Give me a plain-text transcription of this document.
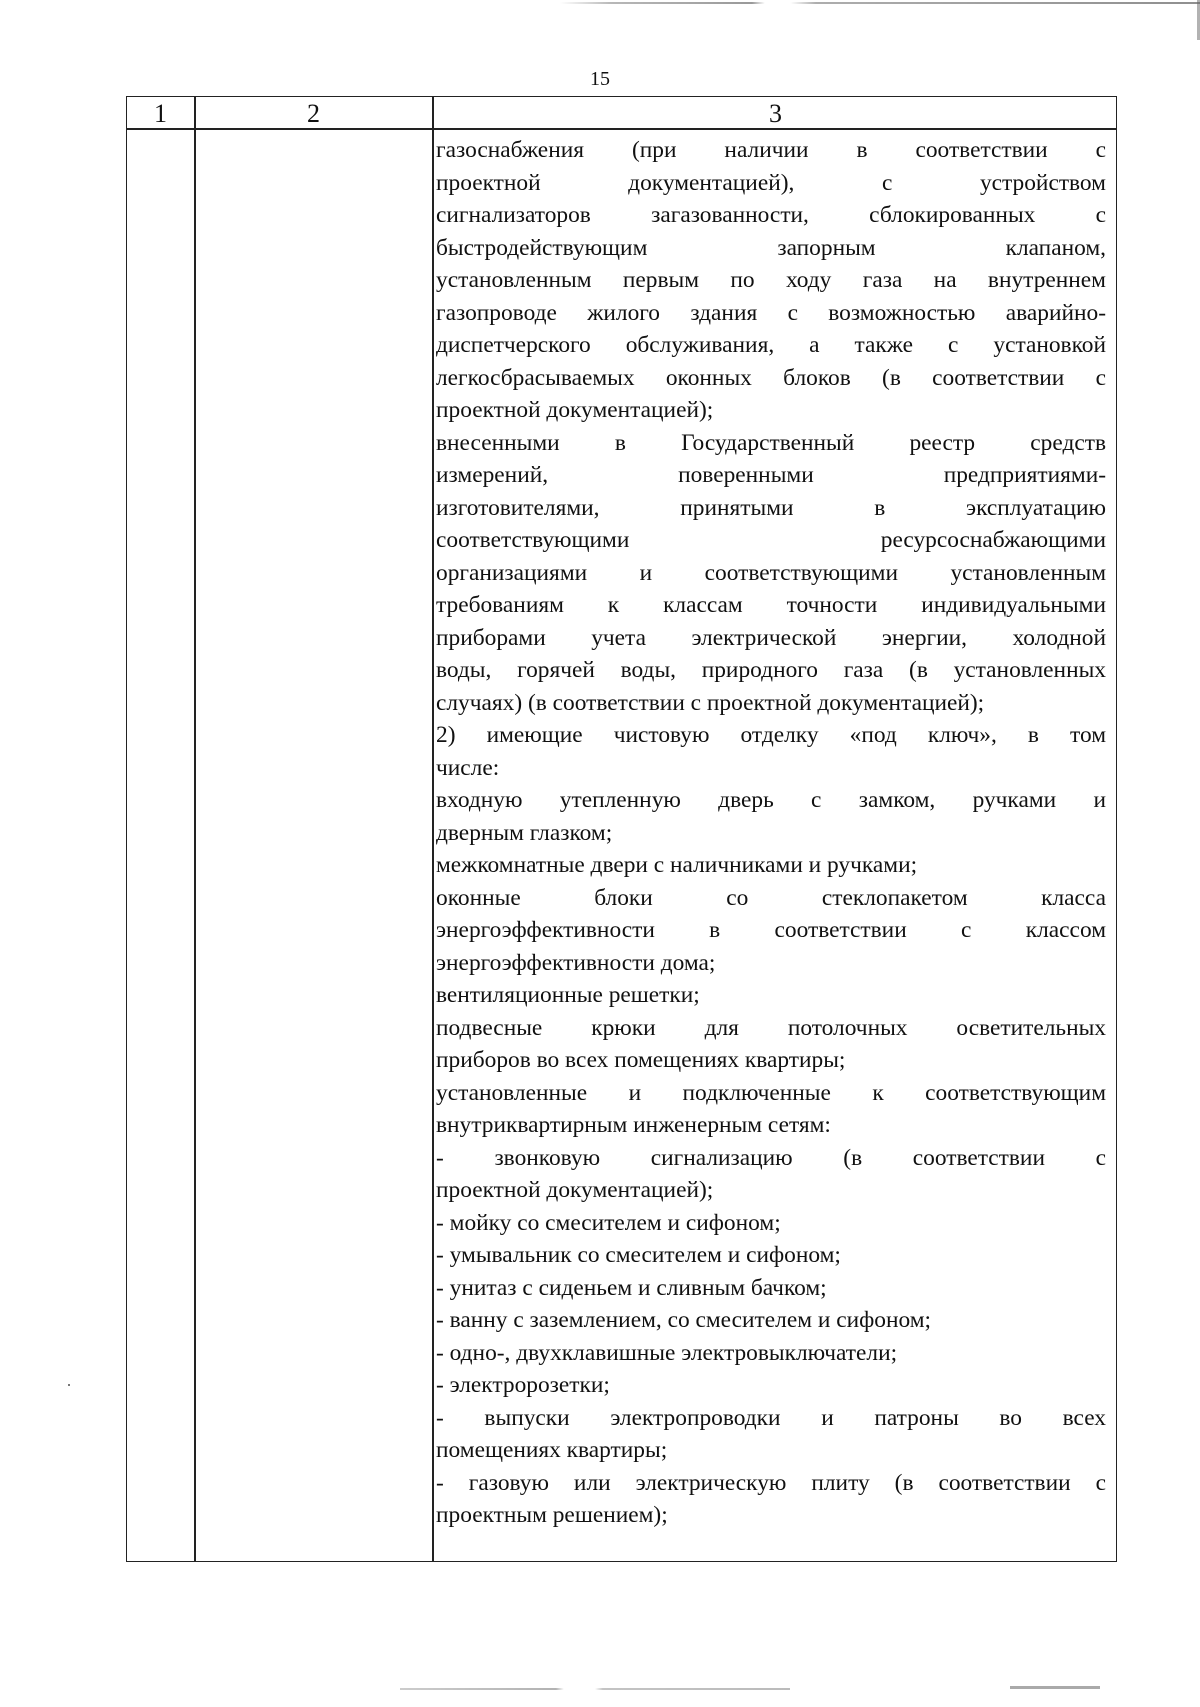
15
1	2	3
газоснабжения (при наличии в соответствии с
проектной документацией), с устройством
сигнализаторов загазованности, сблокированных с
быстродействующим запорным клапаном,
установленным первым по ходу газа на внутреннем
газопроводе жилого здания с возможностью аварийно-
диспетчерского обслуживания, а также с установкой
легкосбрасываемых оконных блоков (в соответствии с
проектной документацией);
внесенными в Государственный реестр средств
измерений, поверенными предприятиями-
изготовителями, принятыми в эксплуатацию
соответствующими ресурсоснабжающими
организациями и соответствующими установленным
требованиям к классам точности индивидуальными
приборами учета электрической энергии, холодной
воды, горячей воды, природного газа (в установленных
случаях) (в соответствии с проектной документацией);
2) имеющие чистовую отделку «под ключ», в том
числе:
входную утепленную дверь с замком, ручками и
дверным глазком;
межкомнатные двери с наличниками и ручками;
оконные блоки со стеклопакетом класса
энергоэффективности в соответствии с классом
энергоэффективности дома;
вентиляционные решетки;
подвесные крюки для потолочных осветительных
приборов во всех помещениях квартиры;
установленные и подключенные к соответствующим
внутриквартирным инженерным сетям:
- звонковую сигнализацию (в соответствии с
проектной документацией);
- мойку со смесителем и сифоном;
- умывальник со смесителем и сифоном;
- унитаз с сиденьем и сливным бачком;
- ванну с заземлением, со смесителем и сифоном;
- одно-, двухклавишные электровыключатели;
- электророзетки;
- выпуски электропроводки и патроны во всех
помещениях квартиры;
- газовую или электрическую плиту (в соответствии с
проектным решением);
